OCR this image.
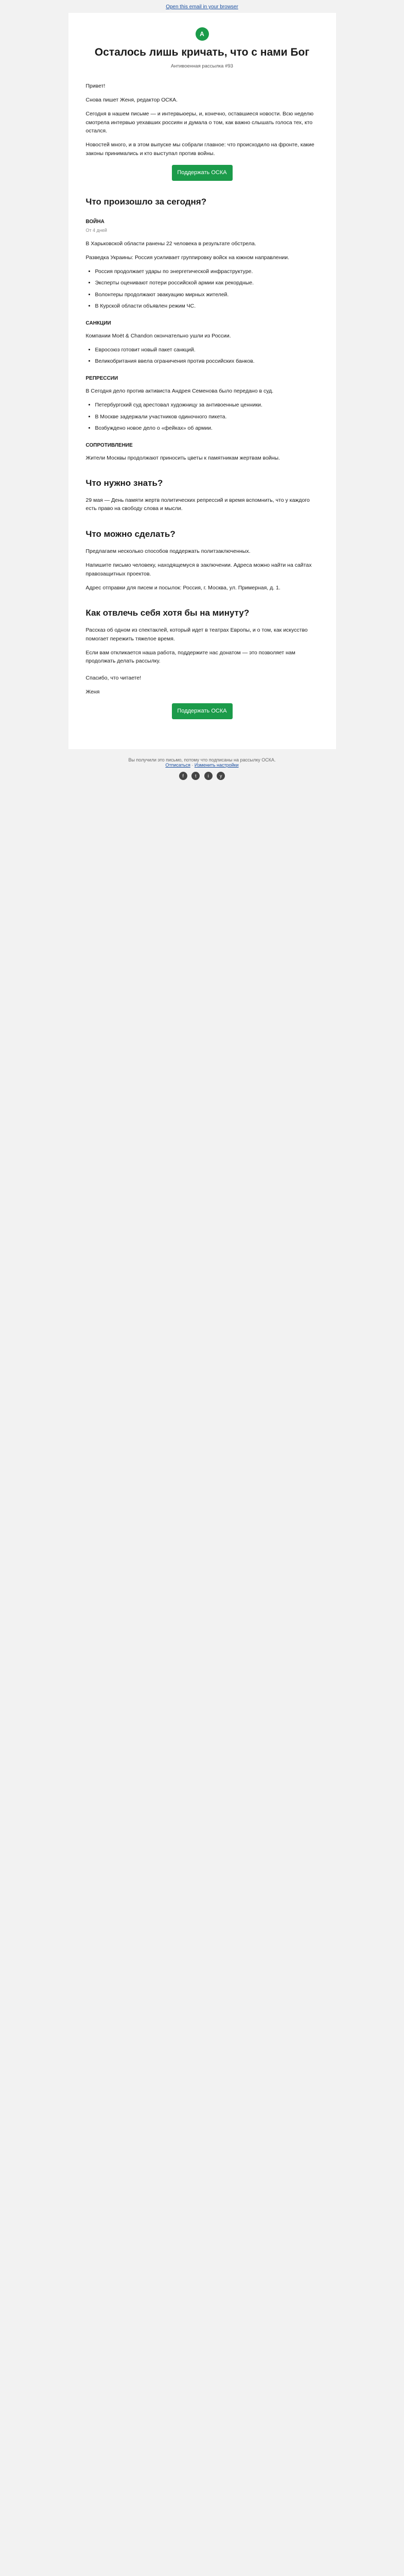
Open this email in your browser
A
Осталось лишь кричать, что с нами Бог
Антивоенная рассылка #93

Привет!

Снова пишет Женя, редактор ОСКА.

Сегодня в нашем письме — и интервьюеры, и, конечно, оставшиеся новости. Всю неделю смотрела интервью уехавших россиян и думала о том, как важно слышать голоса тех, кто остался.

Новостей много, и в этом выпуске мы собрали главное: что происходило на фронте, какие законы принимались и кто выступал против войны.

Поддержать ОСКА
Что произошло за сегодня?
ВОЙНА
От 4 дней

В Харьковской области ранены 22 человека в результате обстрела.

Разведка Украины: Россия усиливает группировку войск на южном направлении.

• Россия продолжает удары по энергетической инфраструктуре.
• Эксперты оценивают потери российской армии как рекордные.
• Волонтеры продолжают эвакуацию мирных жителей.
• В Курской области объявлен режим ЧС.
САНКЦИИ

Компании Moët & Chandon окончательно ушли из России.

• Евросоюз готовит новый пакет санкций.
• Великобритания ввела ограничения против российских банков.
РЕПРЕССИИ

В Сегодня дело против активиста Андрея Семенова было передано в суд.

• Петербургский суд арестовал художницу за антивоенные ценники.
• В Москве задержали участников одиночного пикета.
• Возбуждено новое дело о «фейках» об армии.
СОПРОТИВЛЕНИЕ

Жители Москвы продолжают приносить цветы к памятникам жертвам войны.

Что нужно знать?

29 мая — День памяти жертв политических репрессий и время вспомнить, что у каждого есть право на свободу слова и мысли.

Что можно сделать?

Предлагаем несколько способов поддержать политзаключенных.

Напишите письмо человеку, находящемуся в заключении. Адреса можно найти на сайтах правозащитных проектов.

Адрес отправки для писем и посылок: Россия, г. Москва, ул. Примерная, д. 1.

Как отвлечь себя хотя бы на минуту?

Рассказ об одном из спектаклей, который идет в театрах Европы, и о том, как искусство помогает пережить тяжелое время.

Если вам откликается наша работа, поддержите нас донатом — это позволяет нам продолжать делать рассылку.

Спасибо, что читаете!

Женя

Поддержать ОСКА
Вы получили это письмо, потому что подписаны на рассылку ОСКА.
Отписаться · Изменить настройки
f t i y
